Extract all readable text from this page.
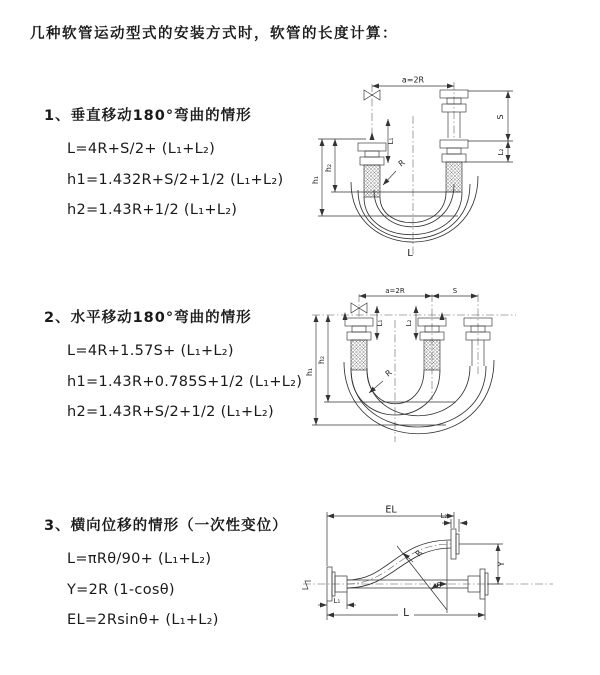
几种软管运动型式的安装方式时，软管的长度计算：
1、垂直移动180°弯曲的情形
L=4R+S/2+ (L₁+L₂)
h1=1.432R+S/2+1/2 (L₁+L₂)
h2=1.43R+1/2 (L₁+L₂)
a=2R
S
L₂
h₁
h₂
L₁
R
L
2、水平移动180°弯曲的情形
L=4R+1.57S+ (L₁+L₂)
h1=1.43R+0.785S+1/2 (L₁+L₂)
h2=1.43R+S/2+1/2 (L₁+L₂)
a=2R	S
L₁	L₂
h₁
h₂
R
3、横向位移的情形（一次性变位）
L=πRθ/90+ (L₁+L₂)
Y=2R (1-cosθ)
EL=2Rsinθ+ (L₁+L₂)
EL
L₂
Y
R
θ
L
L₁
